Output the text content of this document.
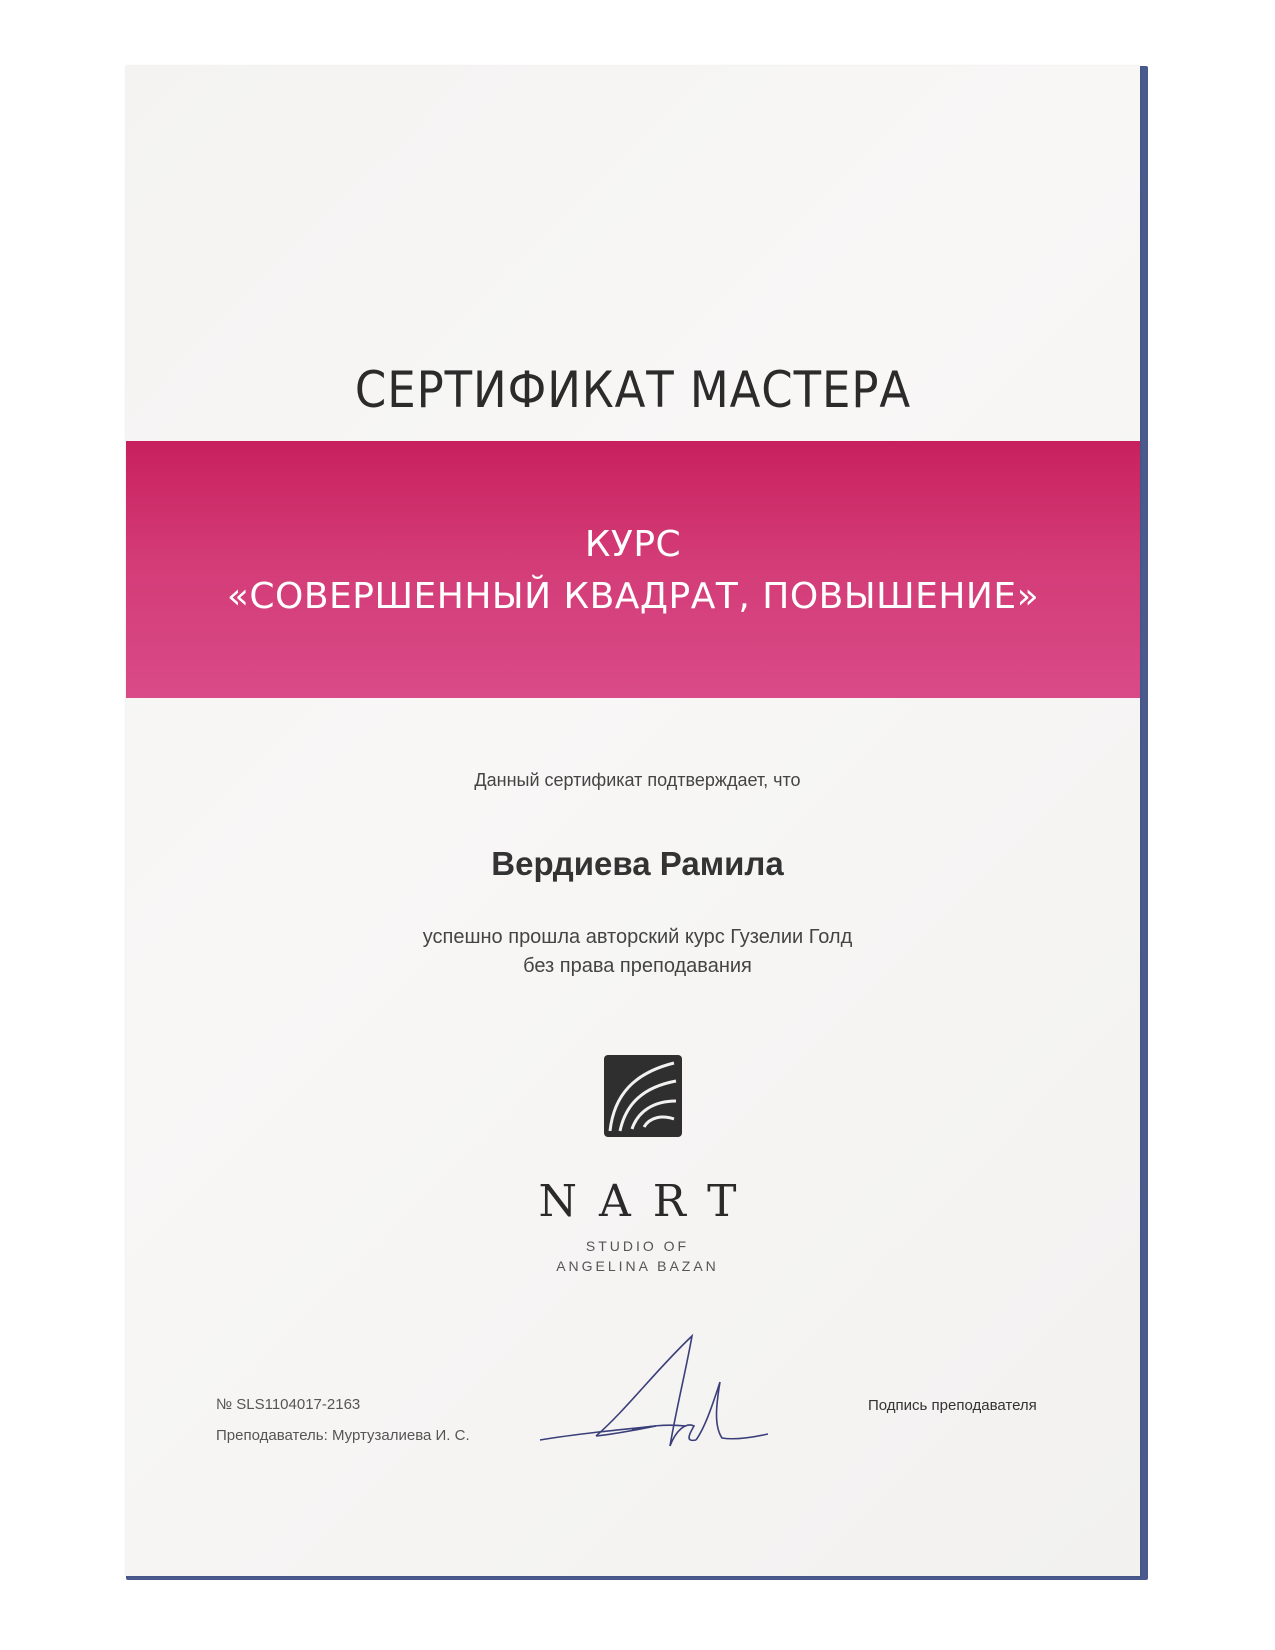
СЕРТИФИКАТ МАСТЕРА
КУРС
«СОВЕРШЕННЫЙ КВАДРАТ, ПОВЫШЕНИЕ»
Данный сертификат подтверждает, что
Вердиева Рамила
успешно прошла авторский курс Гузелии Голд
без права преподавания
NART
STUDIO OF
ANGELINA BAZAN
№ SLS1104017-2163
Преподаватель: Муртузалиева И. С.
Подпись преподавателя
